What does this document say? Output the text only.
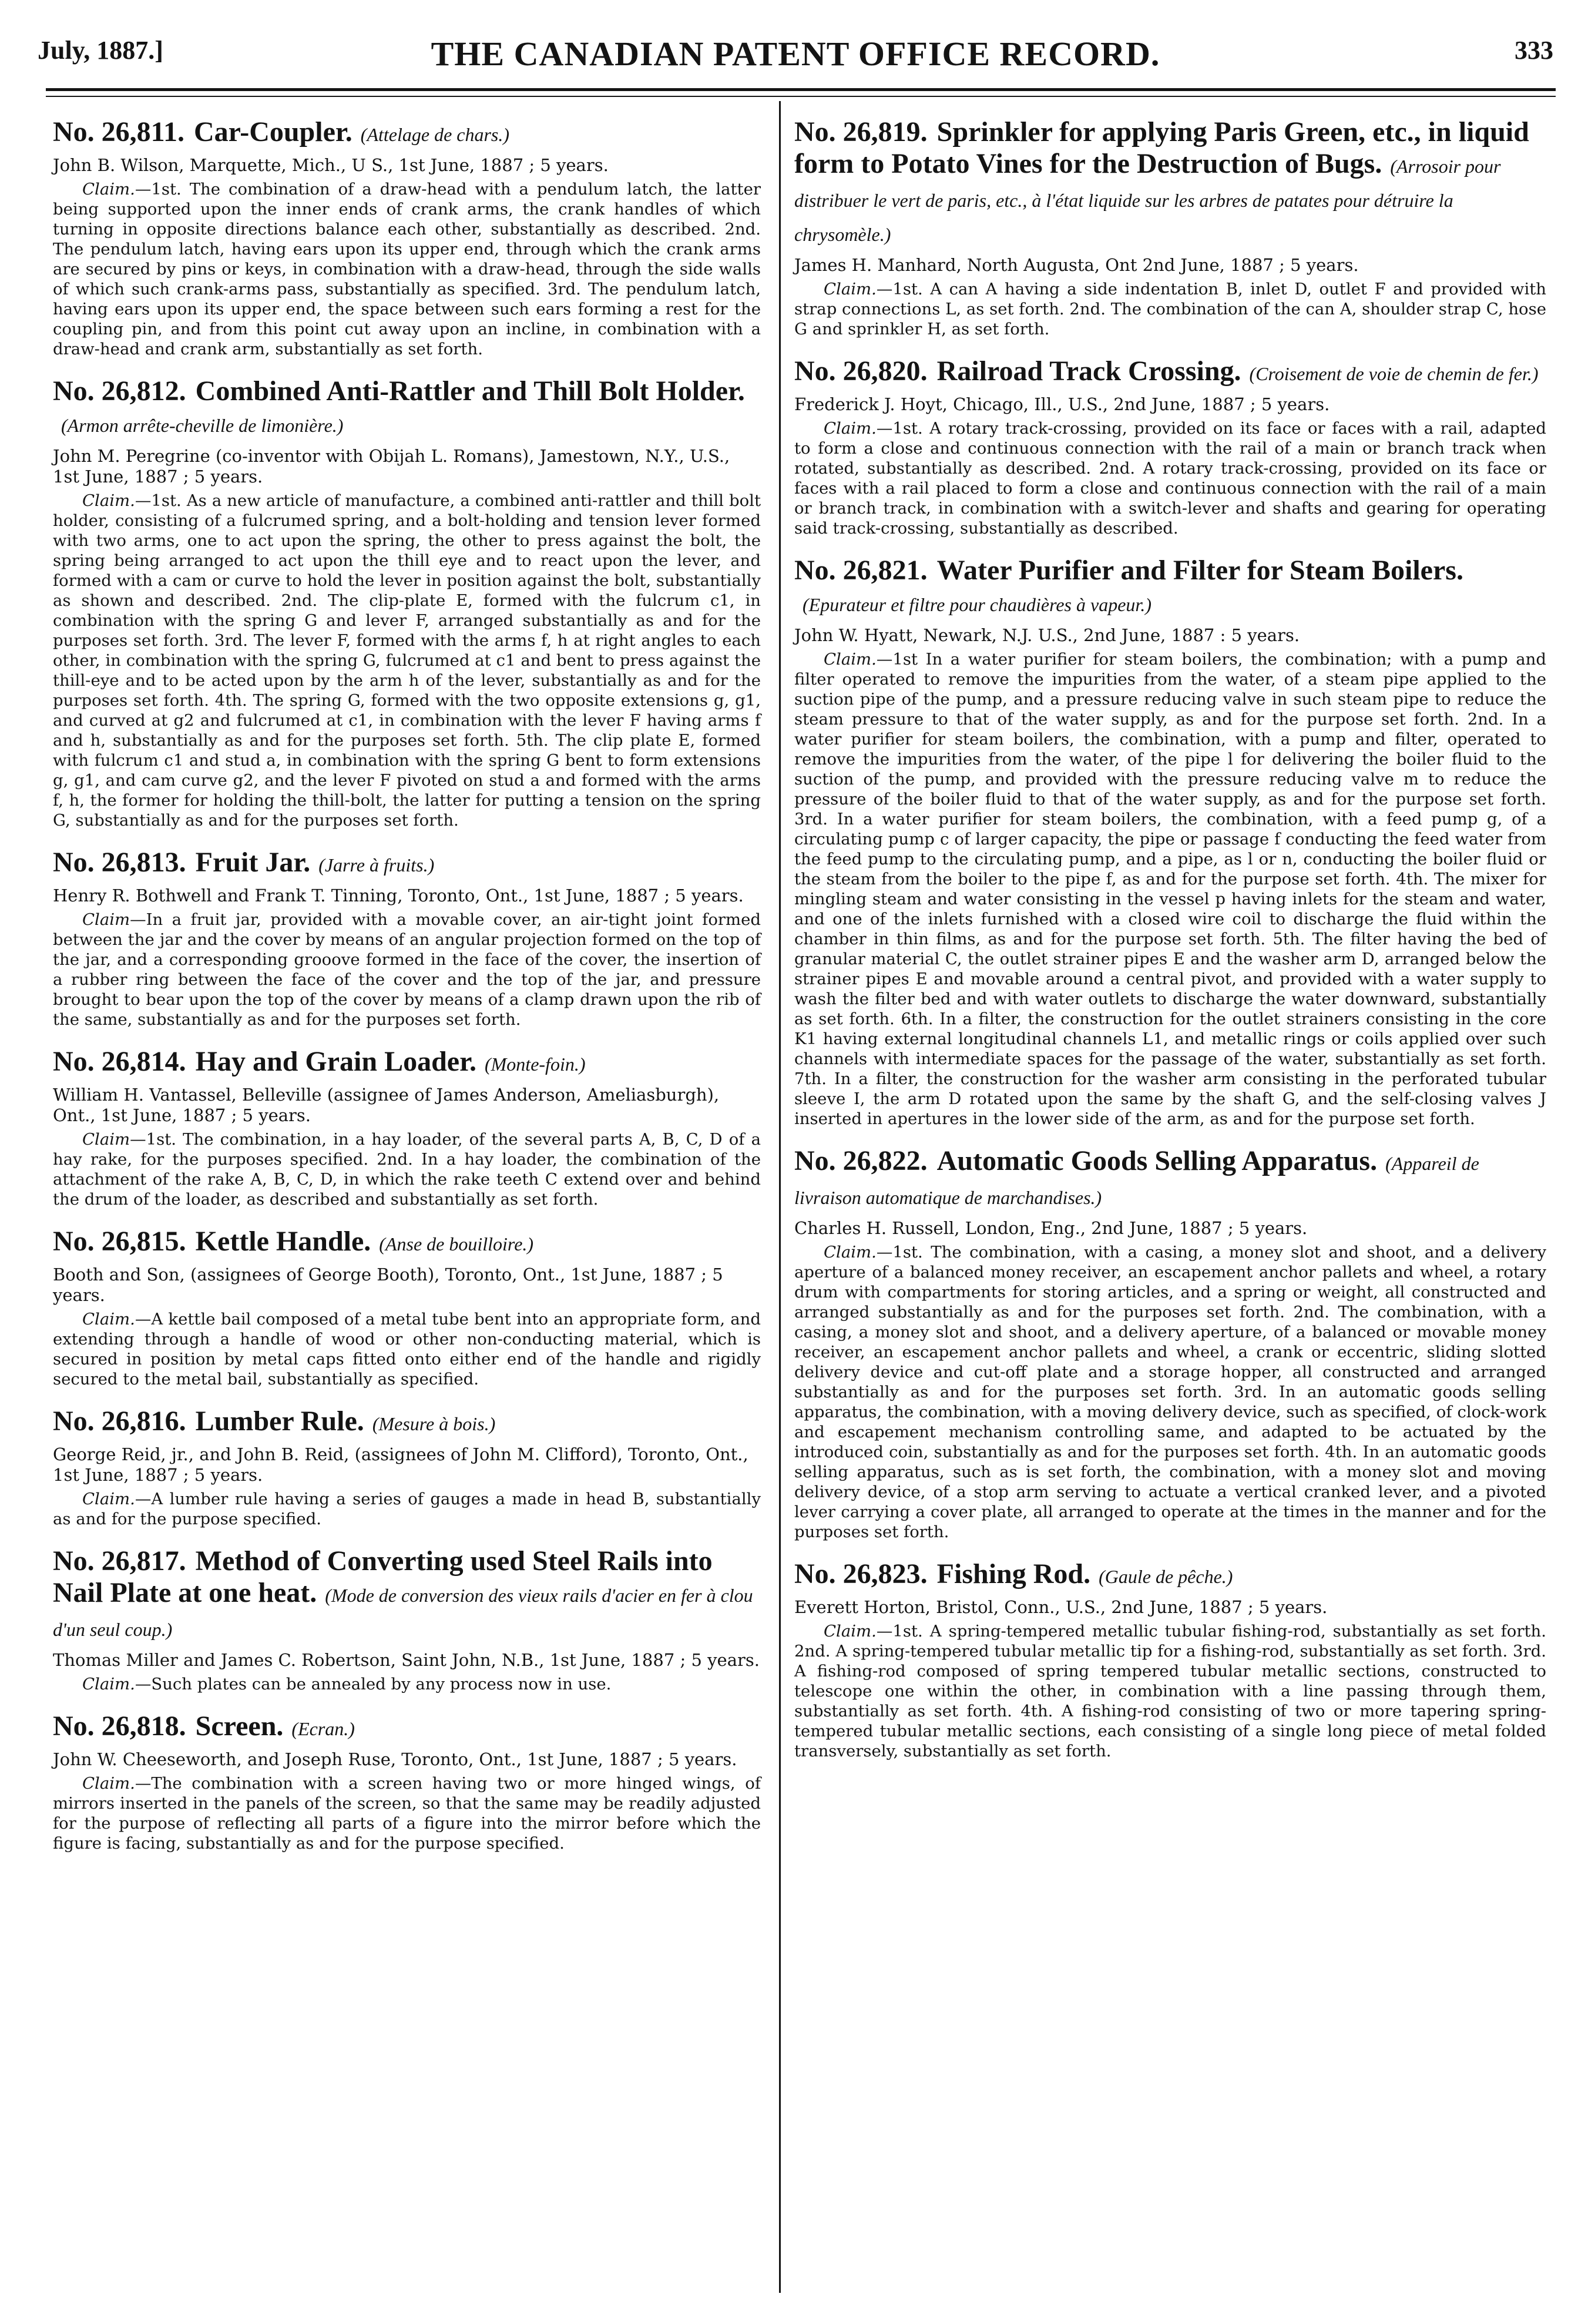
July, 1887.]	THE CANADIAN PATENT OFFICE RECORD.	333
No. 26,811. Car-Coupler. (Attelage de chars.)
John B. Wilson, Marquette, Mich., U S., 1st June, 1887 ; 5 years.
Claim.—1st. The combination of a draw-head with a pendulum latch, the latter being supported upon the inner ends of crank arms, the crank handles of which turning in opposite directions balance each other, substantially as described. 2nd. The pendulum latch, having ears upon its upper end, through which the crank arms are secured by pins or keys, in combination with a draw-head, through the side walls of which such crank-arms pass, substantially as specified. 3rd. The pendulum latch, having ears upon its upper end, the space between such ears forming a rest for the coupling pin, and from this point cut away upon an incline, in combination with a draw-head and crank arm, substantially as set forth.
No. 26,812. Combined Anti-Rattler and Thill Bolt Holder.(Armon arrête-cheville de limonière.)
John M. Peregrine (co-inventor with Obijah L. Romans), Jamestown, N.Y., U.S., 1st June, 1887 ; 5 years.
Claim.—1st. As a new article of manufacture, a combined anti-rattler and thill bolt holder, consisting of a fulcrumed spring, and a bolt-holding and tension lever formed with two arms, one to act upon the spring, the other to press against the bolt, the spring being arranged to act upon the thill eye and to react upon the lever, and formed with a cam or curve to hold the lever in position against the bolt, substantially as shown and described. 2nd. The clip-plate E, formed with the fulcrum c1, in combination with the spring G and lever F, arranged substantially as and for the purposes set forth. 3rd. The lever F, formed with the arms f, h at right angles to each other, in combination with the spring G, fulcrumed at c1 and bent to press against the thill-eye and to be acted upon by the arm h of the lever, substantially as and for the purposes set forth. 4th. The spring G, formed with the two opposite extensions g, g1, and curved at g2 and fulcrumed at c1, in combination with the lever F having arms f and h, substantially as and for the purposes set forth. 5th. The clip plate E, formed with fulcrum c1 and stud a, in combination with the spring G bent to form extensions g, g1, and cam curve g2, and the lever F pivoted on stud a and formed with the arms f, h, the former for holding the thill-bolt, the latter for putting a tension on the spring G, substantially as and for the purposes set forth.
No. 26,813. Fruit Jar. (Jarre à fruits.)
Henry R. Bothwell and Frank T. Tinning, Toronto, Ont., 1st June, 1887 ; 5 years.
Claim—In a fruit jar, provided with a movable cover, an air-tight joint formed between the jar and the cover by means of an angular projection formed on the top of the jar, and a corresponding grooove formed in the face of the cover, the insertion of a rubber ring between the face of the cover and the top of the jar, and pressure brought to bear upon the top of the cover by means of a clamp drawn upon the rib of the same, substantially as and for the purposes set forth.
No. 26,814. Hay and Grain Loader. (Monte-foin.)
William H. Vantassel, Belleville (assignee of James Anderson, Ameliasburgh), Ont., 1st June, 1887 ; 5 years.
Claim—1st. The combination, in a hay loader, of the several parts A, B, C, D of a hay rake, for the purposes specified. 2nd. In a hay loader, the combination of the attachment of the rake A, B, C, D, in which the rake teeth C extend over and behind the drum of the loader, as described and substantially as set forth.
No. 26,815. Kettle Handle. (Anse de bouilloire.)
Booth and Son, (assignees of George Booth), Toronto, Ont., 1st June, 1887 ; 5 years.
Claim.—A kettle bail composed of a metal tube bent into an appropriate form, and extending through a handle of wood or other non-conducting material, which is secured in position by metal caps fitted onto either end of the handle and rigidly secured to the metal bail, substantially as specified.
No. 26,816. Lumber Rule. (Mesure à bois.)
George Reid, jr., and John B. Reid, (assignees of John M. Clifford), Toronto, Ont., 1st June, 1887 ; 5 years.
Claim.—A lumber rule having a series of gauges a made in head B, substantially as and for the purpose specified.
No. 26,817. Method of Converting used Steel Rails into Nail Plate at one heat. (Mode de conversion des vieux rails d'acier en fer à clou d'un seul coup.)
Thomas Miller and James C. Robertson, Saint John, N.B., 1st June, 1887 ; 5 years.
Claim.—Such plates can be annealed by any process now in use.
No. 26,818. Screen. (Ecran.)
John W. Cheeseworth, and Joseph Ruse, Toronto, Ont., 1st June, 1887 ; 5 years.
Claim.—The combination with a screen having two or more hinged wings, of mirrors inserted in the panels of the screen, so that the same may be readily adjusted for the purpose of reflecting all parts of a figure into the mirror before which the figure is facing, substantially as and for the purpose specified.
No. 26,819. Sprinkler for applying Paris Green, etc., in liquid form to Potato Vines for the Destruction of Bugs. (Arrosoir pour distribuer le vert de paris, etc., à l'état liquide sur les arbres de patates pour détruire la chrysomèle.)
James H. Manhard, North Augusta, Ont 2nd June, 1887 ; 5 years.
Claim.—1st. A can A having a side indentation B, inlet D, outlet F and provided with strap connections L, as set forth. 2nd. The combination of the can A, shoulder strap C, hose G and sprinkler H, as set forth.
No. 26,820. Railroad Track Crossing. (Croisement de voie de chemin de fer.)
Frederick J. Hoyt, Chicago, Ill., U.S., 2nd June, 1887 ; 5 years.
Claim.—1st. A rotary track-crossing, provided on its face or faces with a rail, adapted to form a close and continuous connection with the rail of a main or branch track when rotated, substantially as described. 2nd. A rotary track-crossing, provided on its face or faces with a rail placed to form a close and continuous connection with the rail of a main or branch track, in combination with a switch-lever and shafts and gearing for operating said track-crossing, substantially as described.
No. 26,821. Water Purifier and Filter for Steam Boilers.(Epurateur et filtre pour chaudières à vapeur.)
John W. Hyatt, Newark, N.J. U.S., 2nd June, 1887 : 5 years.
Claim.—1st In a water purifier for steam boilers, the combination; with a pump and filter operated to remove the impurities from the water, of a steam pipe applied to the suction pipe of the pump, and a pressure reducing valve in such steam pipe to reduce the steam pressure to that of the water supply, as and for the purpose set forth. 2nd. In a water purifier for steam boilers, the combination, with a pump and filter, operated to remove the impurities from the water, of the pipe l for delivering the boiler fluid to the suction of the pump, and provided with the pressure reducing valve m to reduce the pressure of the boiler fluid to that of the water supply, as and for the purpose set forth. 3rd. In a water purifier for steam boilers, the combination, with a feed pump g, of a circulating pump c of larger capacity, the pipe or passage f conducting the feed water from the feed pump to the circulating pump, and a pipe, as l or n, conducting the boiler fluid or the steam from the boiler to the pipe f, as and for the purpose set forth. 4th. The mixer for mingling steam and water consisting in the vessel p having inlets for the steam and water, and one of the inlets furnished with a closed wire coil to discharge the fluid within the chamber in thin films, as and for the purpose set forth. 5th. The filter having the bed of granular material C, the outlet strainer pipes E and the washer arm D, arranged below the strainer pipes E and movable around a central pivot, and provided with a water supply to wash the filter bed and with water outlets to discharge the water downward, substantially as set forth. 6th. In a filter, the construction for the outlet strainers consisting in the core K1 having external longitudinal channels L1, and metallic rings or coils applied over such channels with intermediate spaces for the passage of the water, substantially as set forth. 7th. In a filter, the construction for the washer arm consisting in the perforated tubular sleeve I, the arm D rotated upon the same by the shaft G, and the self-closing valves J inserted in apertures in the lower side of the arm, as and for the purpose set forth.
No. 26,822. Automatic Goods Selling Apparatus. (Appareil de livraison automatique de marchandises.)
Charles H. Russell, London, Eng., 2nd June, 1887 ; 5 years.
Claim.—1st. The combination, with a casing, a money slot and shoot, and a delivery aperture of a balanced money receiver, an escapement anchor pallets and wheel, a rotary drum with compartments for storing articles, and a spring or weight, all constructed and arranged substantially as and for the purposes set forth. 2nd. The combination, with a casing, a money slot and shoot, and a delivery aperture, of a balanced or movable money receiver, an escapement anchor pallets and wheel, a crank or eccentric, sliding slotted delivery device and cut-off plate and a storage hopper, all constructed and arranged substantially as and for the purposes set forth. 3rd. In an automatic goods selling apparatus, the combination, with a moving delivery device, such as specified, of clock-work and escapement mechanism controlling same, and adapted to be actuated by the introduced coin, substantially as and for the purposes set forth. 4th. In an automatic goods selling apparatus, such as is set forth, the combination, with a money slot and moving delivery device, of a stop arm serving to actuate a vertical cranked lever, and a pivoted lever carrying a cover plate, all arranged to operate at the times in the manner and for the purposes set forth.
No. 26,823. Fishing Rod. (Gaule de pêche.)
Everett Horton, Bristol, Conn., U.S., 2nd June, 1887 ; 5 years.
Claim.—1st. A spring-tempered metallic tubular fishing-rod, substantially as set forth. 2nd. A spring-tempered tubular metallic tip for a fishing-rod, substantially as set forth. 3rd. A fishing-rod composed of spring tempered tubular metallic sections, constructed to telescope one within the other, in combination with a line passing through them, substantially as set forth. 4th. A fishing-rod consisting of two or more tapering spring-tempered tubular metallic sections, each consisting of a single long piece of metal folded transversely, substantially as set forth.
